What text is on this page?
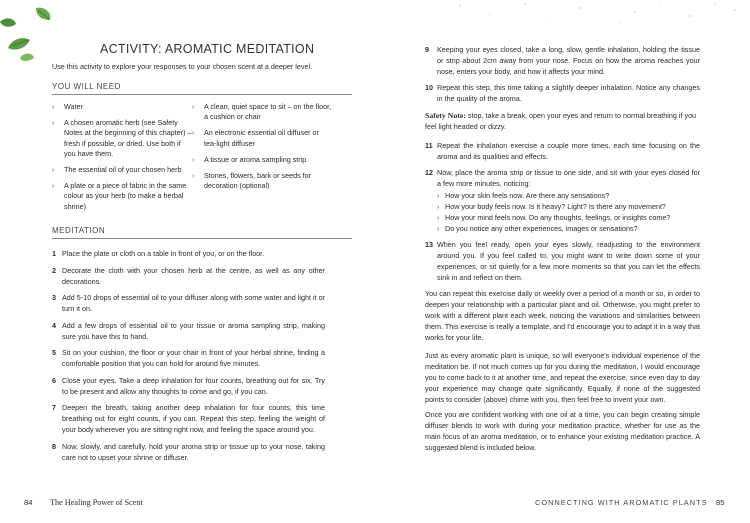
ACTIVITY: AROMATIC MEDITATION
Use this activity to explore your responses to your chosen scent at a deeper level.
YOU WILL NEED
› Water
› A chosen aromatic herb (see Safety Notes at the beginning of this chapter) – fresh if possible, or dried. Use both if you have them.
› The essential oil of your chosen herb
› A plate or a piece of fabric in the same colour as your herb (to make a herbal shrine)
› A clean, quiet space to sit – on the floor, a cushion or chair
› An electronic essential oil diffuser or tea-light diffuser
› A tissue or aroma sampling strip
› Stones, flowers, bark or seeds for decoration (optional)
MEDITATION
1 Place the plate or cloth on a table in front of you, or on the floor.
2 Decorate the cloth with your chosen herb at the centre, as well as any other decorations.
3 Add 5-10 drops of essential oil to your diffuser along with some water and light it or turn it on.
4 Add a few drops of essential oil to your tissue or aroma sampling strip, making sure you have this to hand.
5 Sit on your cushion, the floor or your chair in front of your herbal shrine, finding a comfortable position that you can hold for around five minutes.
6 Close your eyes. Take a deep inhalation for four counts, breathing out for six. Try to be present and allow any thoughts to come and go, if you can.
7 Deepen the breath, taking another deep inhalation for four counts, this time breathing out for eight counts, if you can. Repeat this step, feeling the weight of your body wherever you are sitting right now, and feeling the space around you.
8 Now, slowly, and carefully, hold your aroma strip or tissue up to your nose, taking care not to upset your shrine or diffuser.
84 The Healing Power of Scent
9 Keeping your eyes closed, take a long, slow, gentle inhalation, holding the tissue or strip about 2cm away from your nose. Focus on how the aroma reaches your nose, enters your body, and how it affects your mind.
10 Repeat this step, this time taking a slightly deeper inhalation. Notice any changes in the quality of the aroma.
Safety Note: stop, take a break, open your eyes and return to normal breathing if you feel light headed or dizzy.
11 Repeat the inhalation exercise a couple more times, each time focusing on the aroma and its qualities and effects.
12 Now, place the aroma strip or tissue to one side, and sit with your eyes closed for a few more minutes, noticing:
› How your skin feels now. Are there any sensations?
› How your body feels now. Is it heavy? Light? Is there any movement?
› How your mind feels now. Do any thoughts, feelings, or insights come?
› Do you notice any other experiences, images or sensations?
13 When you feel ready, open your eyes slowly, readjusting to the environment around you. If you feel called to, you might want to write down some of your experiences, or sit quietly for a few more moments so that you can let the effects sink in and reflect on them.

You can repeat this exercise daily or weekly over a period of a month or so, in order to deepen your relationship with a particular plant and oil. Otherwise, you might prefer to work with a different plant each week, noticing the variations and similarities between them. This exercise is really a template, and I'd encourage you to adapt it in a way that works for your life.

Just as every aromatic plant is unique, so will everyone's individual experience of the meditation be. If not much comes up for you during the meditation, I would encourage you to come back to it at another time, and repeat the exercise, since even day to day your experience may change quite significantly. Equally, if none of the suggested points to consider (above) chime with you, then feel free to invent your own.

Once you are confident working with one oil at a time, you can begin creating simple diffuser blends to work with during your meditation practice, whether for use as the main focus of an aroma meditation, or to enhance your existing meditation practice. A suggested blend is included below.

CONNECTING WITH AROMATIC PLANTS 85
